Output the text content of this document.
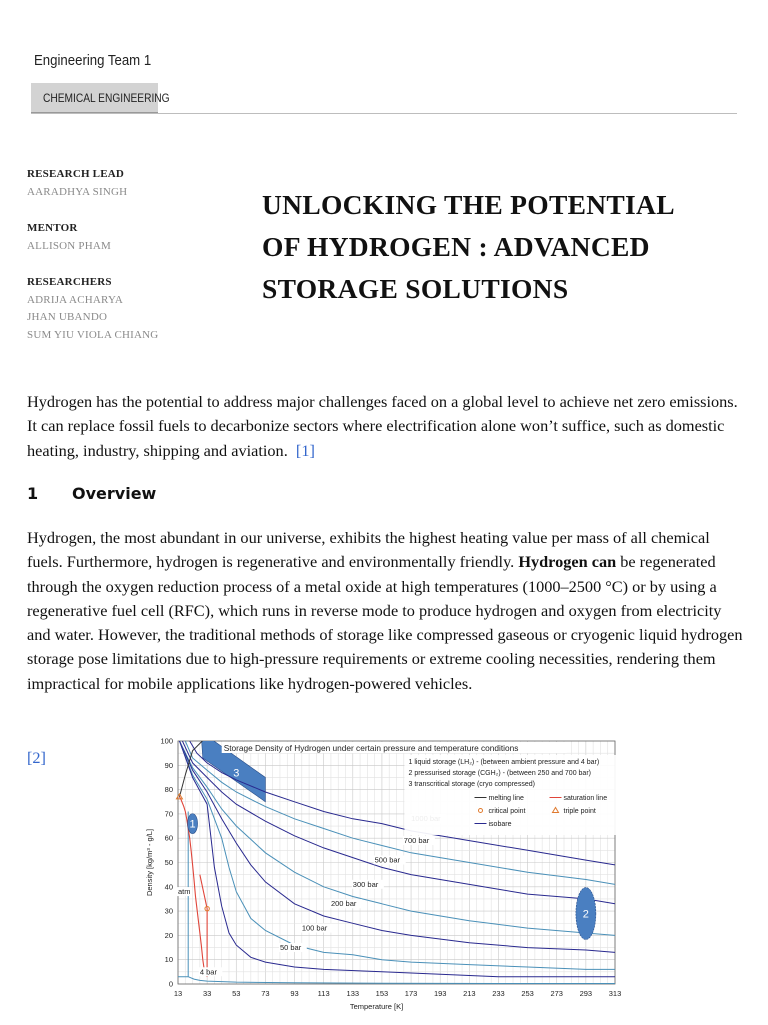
Engineering Team 1
CHEMICAL ENGINEERING
RESEARCH LEAD
AARADHYA SINGH
MENTOR
ALLISON PHAM
RESEARCHERS
ADRIJA ACHARYA
JHAN UBANDO
SUM YIU VIOLA CHIANG
UNLOCKING THE POTENTIAL
OF HYDROGEN : ADVANCED
STORAGE SOLUTIONS
Hydrogen has the potential to address major challenges faced on a global level to achieve net zero emissions. It can replace fossil fuels to decarbonize sectors where electrification alone won’t suffice, such as domestic heating, industry, shipping and aviation. [1]
1 Overview
Hydrogen, the most abundant in our universe, exhibits the highest heating value per mass of all chemical fuels. Furthermore, hydrogen is regenerative and environmentally friendly. Hydrogen can be regenerated through the oxygen reduction process of a metal oxide at high temperatures (1000–2500 °C) or by using a regenerative fuel cell (RFC), which runs in reverse mode to produce hydrogen and oxygen from electricity and water. However, the traditional methods of storage like compressed gaseous or cryogenic liquid hydrogen storage pose limitations due to high-pressure requirements or extreme cooling necessities, rendering them impractical for mobile applications like hydrogen-powered vehicles.
[2]
13	33	53	73	93	113 133 153 173 193 213 233 253 273 293 313
0
10
20
30
40
50
60
70
80
90
100
Temperature [K]
Density [kg/m³ - g/L]
1
2
3
700 bar
500 bar
300 bar
200 bar
100 bar
50 bar
4 bar
atm
Storage Density of Hydrogen under certain pressure and temperature conditions
1 liquid storage (LH₂) - (between ambient pressure and 4 bar)
2 pressurised storage (CGH₂) - (between 250 and 700 bar)
3 transcritical storage (cryo compressed)
melting line	saturation line
critical point	triple point
isobare
